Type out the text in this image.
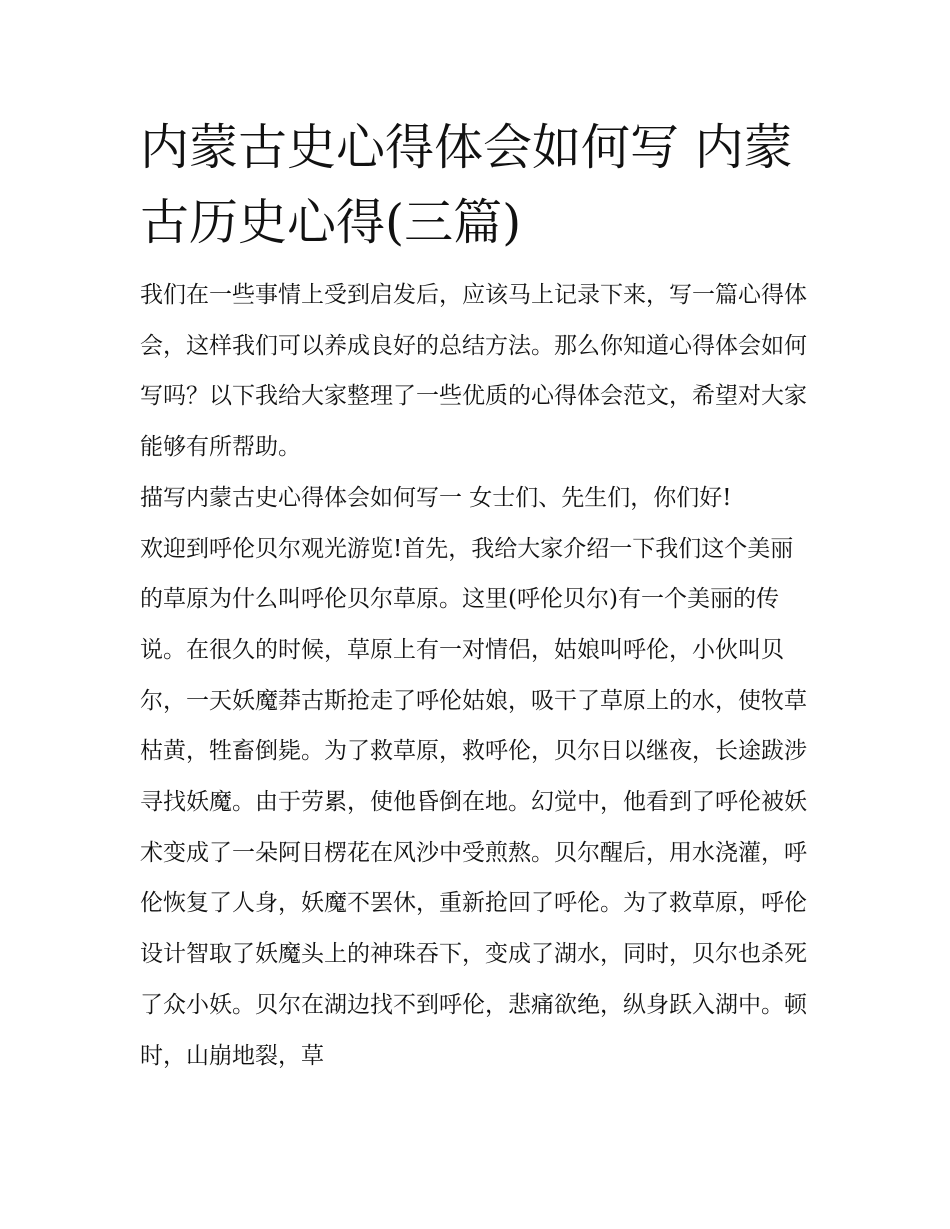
内蒙古史心得体会如何写 内蒙古历史心得(三篇)

我们在一些事情上受到启发后，应该马上记录下来，写一篇心得体会，这样我们可以养成良好的总结方法。那么你知道心得体会如何写吗？以下我给大家整理了一些优质的心得体会范文，希望对大家能够有所帮助。

描写内蒙古史心得体会如何写一 女士们、先生们，你们好!

欢迎到呼伦贝尔观光游览!首先，我给大家介绍一下我们这个美丽的草原为什么叫呼伦贝尔草原。这里(呼伦贝尔)有一个美丽的传说。在很久的时候，草原上有一对情侣，姑娘叫呼伦，小伙叫贝尔，一天妖魔莽古斯抢走了呼伦姑娘，吸干了草原上的水，使牧草枯黄，牲畜倒毙。为了救草原，救呼伦，贝尔日以继夜，长途跋涉寻找妖魔。由于劳累，使他昏倒在地。幻觉中，他看到了呼伦被妖术变成了一朵阿日楞花在风沙中受煎熬。贝尔醒后，用水浇灌，呼伦恢复了人身，妖魔不罢休，重新抢回了呼伦。为了救草原，呼伦设计智取了妖魔头上的神珠吞下，变成了湖水，同时，贝尔也杀死了众小妖。贝尔在湖边找不到呼伦，悲痛欲绝，纵身跃入湖中。顿时，山崩地裂，草
